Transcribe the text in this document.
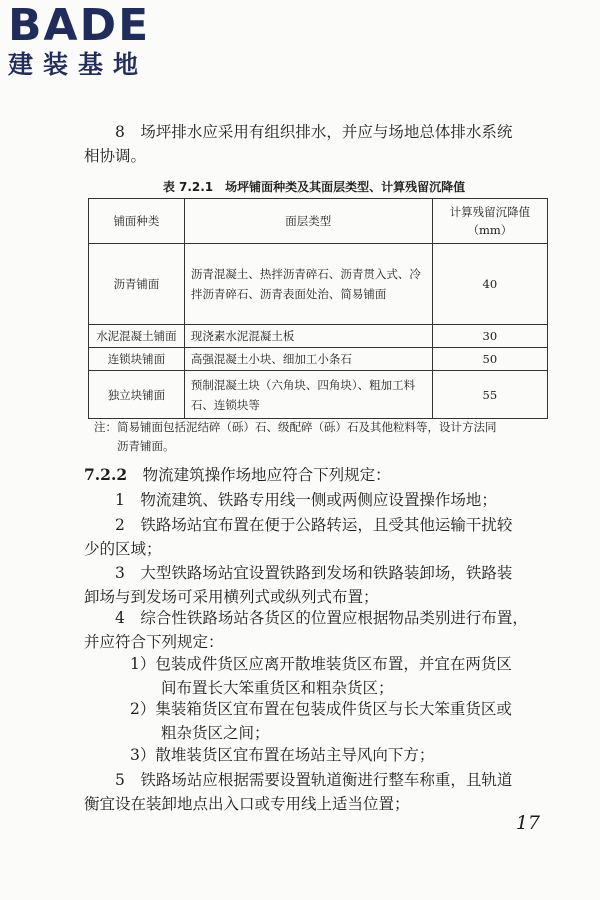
BADE
建装基地

8　 场坪排水应采用有组织排水，并应与场地总体排水系统
相协调。

表 7.2.1　场坪铺面种类及其面层类型、计算残留沉降值

铺面种类	面层类型	计算残留沉降值
（mm）
沥青铺面	沥青混凝土、热拌沥青碎石、沥青贯入式、冷拌沥青碎石、沥青表面处治、简易铺面	40
水泥混凝土铺面	现浇素水泥混凝土板	30
连锁块铺面	高强混凝土小块、细加工小条石	50
独立块铺面	预制混凝土块（六角块、四角块）、粗加工料石、连锁块等	55

注：简易铺面包括泥结碎（砾）石、级配碎（砾）石及其他粒料等，设计方法同
沥青铺面。

7.2.2　 物流建筑操作场地应符合下列规定：

1　 物流建筑、铁路专用线一侧或两侧应设置操作场地；

2　 铁路场站宜布置在便于公路转运，且受其他运输干扰较
少的区域；

3　 大型铁路场站宜设置铁路到发场和铁路装卸场，铁路装
卸场与到发场可采用横列式或纵列式布置；

4　 综合性铁路场站各货区的位置应根据物品类别进行布置，
并应符合下列规定：

1）包装成件货区应离开散堆装货区布置，并宜在两货区
间布置长大笨重货区和粗杂货区；

2）集装箱货区宜布置在包装成件货区与长大笨重货区或
粗杂货区之间；

3）散堆装货区宜布置在场站主导风向下方；

5　 铁路场站应根据需要设置轨道衡进行整车称重，且轨道
衡宜设在装卸地点出入口或专用线上适当位置；

17
